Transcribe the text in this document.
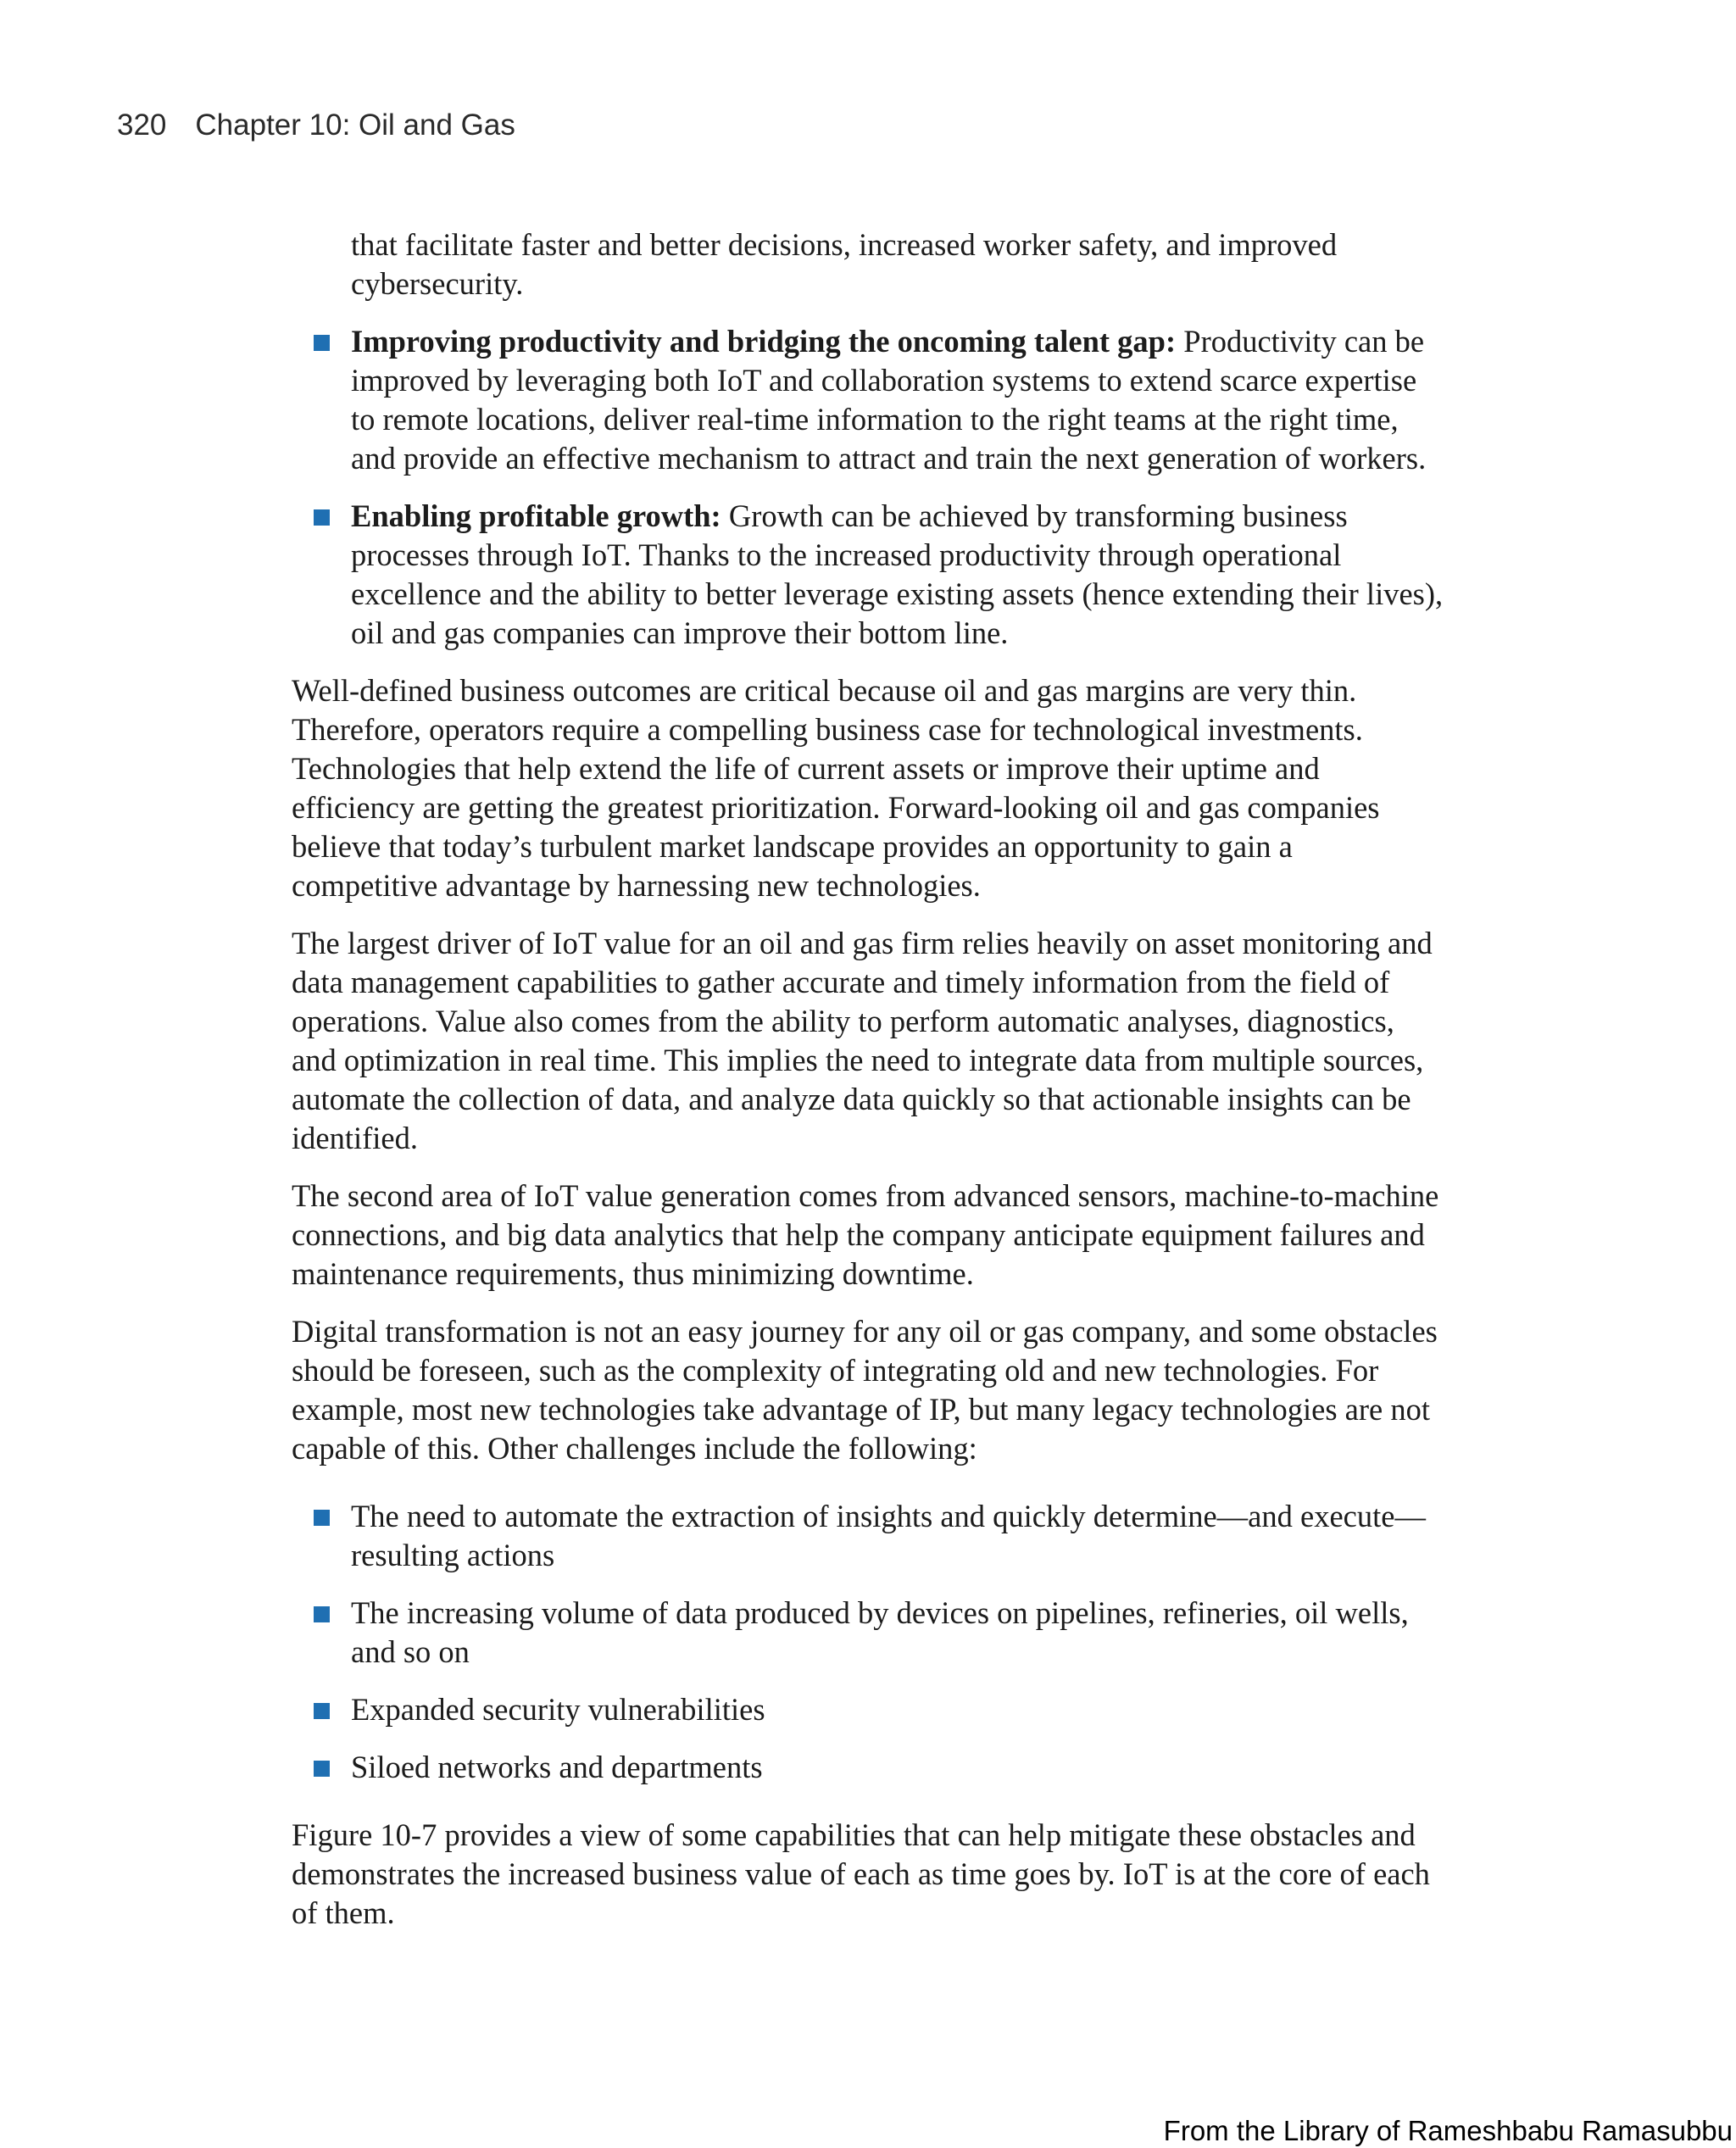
320 Chapter 10: Oil and Gas

that facilitate faster and better decisions, increased worker safety, and improved cybersecurity.

Improving productivity and bridging the oncoming talent gap: Productivity can be improved by leveraging both IoT and collaboration systems to extend scarce expertise to remote locations, deliver real-time information to the right teams at the right time, and provide an effective mechanism to attract and train the next generation of workers.
Enabling profitable growth: Growth can be achieved by transforming business processes through IoT. Thanks to the increased productivity through operational excellence and the ability to better leverage existing assets (hence extending their lives), oil and gas companies can improve their bottom line.

Well-defined business outcomes are critical because oil and gas margins are very thin. Therefore, operators require a compelling business case for technological investments. Technologies that help extend the life of current assets or improve their uptime and efficiency are getting the greatest prioritization. Forward-looking oil and gas companies believe that today’s turbulent market landscape provides an opportunity to gain a competitive advantage by harnessing new technologies.

The largest driver of IoT value for an oil and gas firm relies heavily on asset monitoring and data management capabilities to gather accurate and timely information from the field of operations. Value also comes from the ability to perform automatic analyses, diagnostics, and optimization in real time. This implies the need to integrate data from multiple sources, automate the collection of data, and analyze data quickly so that actionable insights can be identified.

The second area of IoT value generation comes from advanced sensors, machine-to-machine connections, and big data analytics that help the company anticipate equipment failures and maintenance requirements, thus minimizing downtime.

Digital transformation is not an easy journey for any oil or gas company, and some obstacles should be foreseen, such as the complexity of integrating old and new technologies. For example, most new technologies take advantage of IP, but many legacy technologies are not capable of this. Other challenges include the following:

The need to automate the extraction of insights and quickly determine—and execute—resulting actions
The increasing volume of data produced by devices on pipelines, refineries, oil wells, and so on
Expanded security vulnerabilities
Siloed networks and departments

Figure 10-7 provides a view of some capabilities that can help mitigate these obstacles and demonstrates the increased business value of each as time goes by. IoT is at the core of each of them.

From the Library of Rameshbabu Ramasubbu
